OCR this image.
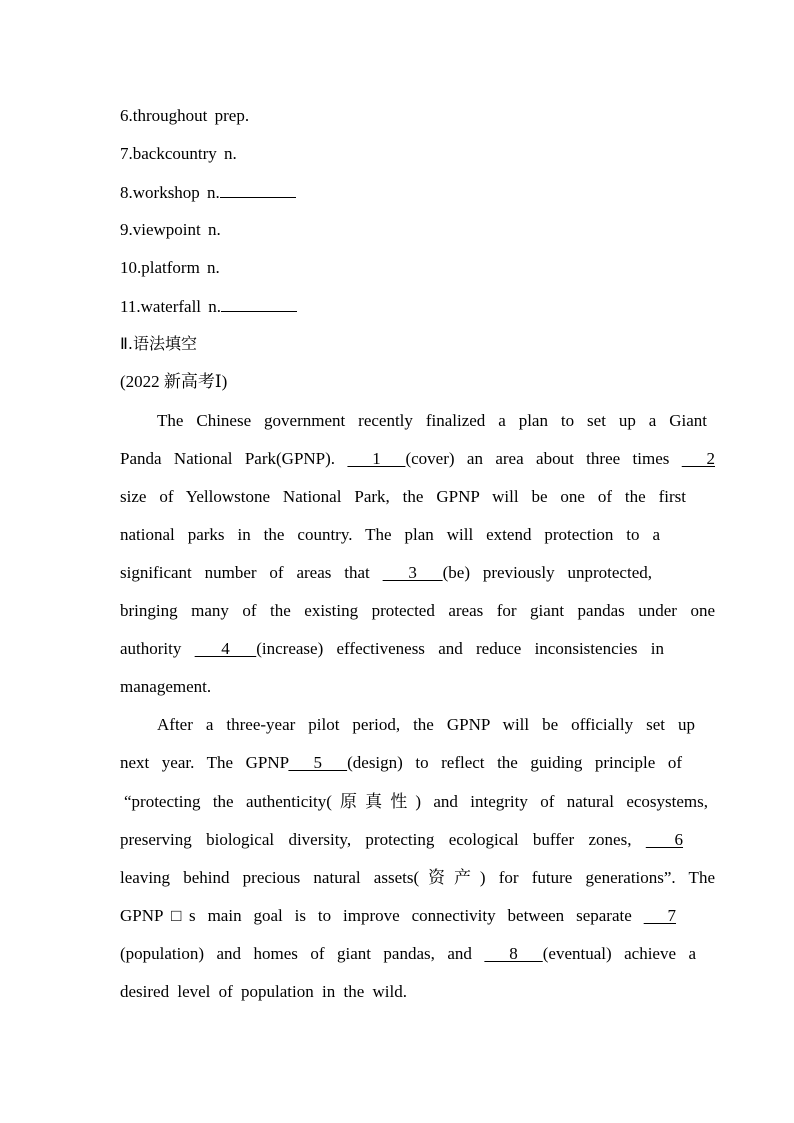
6.throughout prep.
7.backcountry n.
8.workshop n.
9.viewpoint n.
10.platform n.
11.waterfall n.
Ⅱ.语法填空
(2022 新高考Ⅰ)
The Chinese government recently finalized a plan to set up a Giant
Panda National Park(GPNP).   1  (cover) an area about three times   2
size of Yellowstone National Park, the GPNP will be one of the first
national parks in the country. The plan will extend protection to a
significant number of areas that   3  (be) previously unprotected,
bringing many of the existing protected areas for giant pandas under one
authority   4  (increase) effectiveness and reduce inconsistencies in
management.
After a three-year pilot period, the GPNP will be officially set up
next year. The GPNP  5  (design) to reflect the guiding principle of
“protecting the authenticity(原真性) and integrity of natural ecosystems,
preserving biological diversity, protecting ecological buffer zones,   6
leaving behind precious natural assets(资产) for future generations”. The
GPNP□s main goal is to improve connectivity between separate   7
(population) and homes of giant pandas, and   8  (eventual) achieve a
desired level of population in the wild.
